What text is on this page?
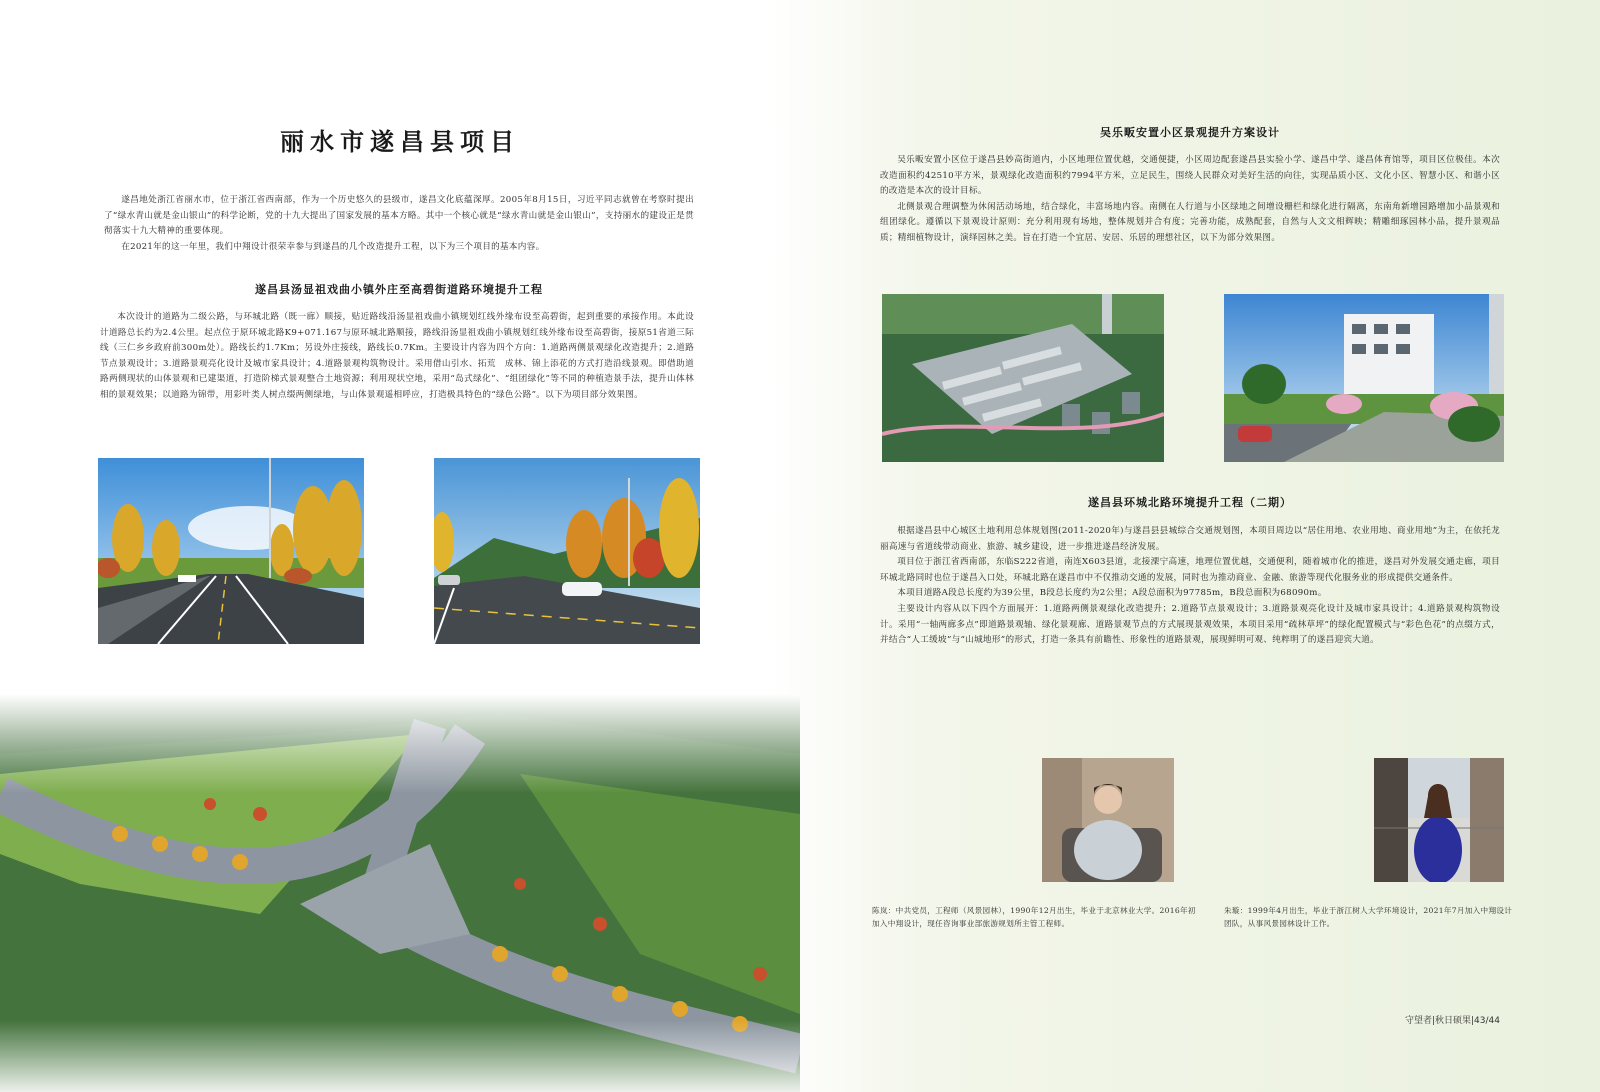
丽水市遂昌县项目

遂昌地处浙江省丽水市，位于浙江省西南部，作为一个历史悠久的县级市，遂昌文化底蕴深厚。2005年8月15日，习近平同志就曾在考察时提出了“绿水青山就是金山银山”的科学论断，党的十九大提出了国家发展的基本方略。其中一个核心就是“绿水青山就是金山银山”，支持丽水的建设正是贯彻落实十九大精神的重要体现。

在2021年的这一年里，我们中翔设计很荣幸参与到遂昌的几个改造提升工程，以下为三个项目的基本内容。

遂昌县汤显祖戏曲小镇外庄至高碧街道路环境提升工程

本次设计的道路为二级公路，与环城北路（既一廊）顺接，贴近路线沿汤显祖戏曲小镇规划红线外缘布设至高碧街，起到重要的承接作用。本此设计道路总长约为2.4公里。起点位于原环城北路K9+071.167与原环城北路顺接，路线沿汤显祖戏曲小镇规划红线外缘布设至高碧街，接原51省道三际线（三仁乡乡政府前300m处）。路线长约1.7Km；另设外庄接线，路线长0.7Km。主要设计内容为四个方向：1.道路两侧景观绿化改造提升；2.道路节点景观设计；3.道路景观亮化设计及城市家具设计；4.道路景观构筑物设计。采用借山引水、拓荒　成林、锦上添花的方式打造沿线景观。即借助道路两侧现状的山体景观和已建渠道，打造阶梯式景观整合土地资源；利用现状空地，采用“岛式绿化”、“组团绿化”等不同的种植造景手法，提升山体林相的景观效果；以道路为锦带，用彩叶类人树点缀两侧绿地，与山体景观遥相呼应，打造极具特色的“绿色公路”。以下为项目部分效果图。

吴乐畈安置小区景观提升方案设计

吴乐畈安置小区位于遂昌县妙高街道内，小区地理位置优越，交通便捷，小区周边配套遂昌县实验小学、遂昌中学、遂昌体育馆等，项目区位极佳。本次改造面积约42510平方米，景观绿化改造面积约7994平方米，立足民生，围绕人民群众对美好生活的向往，实现品质小区、文化小区、智慧小区、和谐小区的改造是本次的设计目标。

北侧景观合理调整为休闲活动场地，结合绿化，丰富场地内容。南侧在人行道与小区绿地之间增设栅栏和绿化进行隔离，东南角新增园路增加小品景观和组团绿化。遵循以下景观设计原则：充分利用现有场地，整体规划并合有度；完善功能，成熟配套，自然与人文文相辉映；精雕细琢园林小品，提升景观品质；精细植物设计，演绎园林之美。旨在打造一个宜居、安居、乐居的理想社区，以下为部分效果图。

遂昌县环城北路环境提升工程（二期）

根据遂昌县中心城区土地利用总体规划图(2011-2020年)与遂昌县县城综合交通规划图，本项目周边以“居住用地、农业用地、商业用地”为主，在依托龙丽高速与省道线带动商业、旅游、城乡建设，进一步推进遂昌经济发展。

项目位于浙江省西南部，东临S222省道，南连X603县道，北接溧宁高速，地理位置优越，交通便利，随着城市化的推进，遂昌对外发展交通走廊，项目环城北路同时也位于遂昌入口处，环城北路在遂昌市中不仅推动交通的发展，同时也为推动商业、金融、旅游等现代化服务业的形成提供交通条件。

本项目道路A段总长度约为39公里，B段总长度约为2公里；A段总面积为97785m，B段总面积为68090m。

主要设计内容从以下四个方面展开：1.道路两侧景观绿化改造提升；2.道路节点景观设计；3.道路景观亮化设计及城市家具设计；4.道路景观构筑物设计。采用“一轴两廊多点”即道路景观轴、绿化景观廊、道路景观节点的方式展现景观效果，本项目采用“疏林草坪”的绿化配置模式与“彩色色花”的点缀方式，并结合“人工缓坡”与“山城地形”的形式，打造一条具有前瞻性、形象性的道路景观，展现鲜明可观、纯粹明了的遂昌迎宾大道。

陈岚：中共党员，工程师（风景园林），1990年12月出生，毕业于北京林业大学。2016年初加入中翔设计，现任咨询事业部旅游规划所主管工程师。
朱璇：1999年4月出生，毕业于浙江树人大学环境设计，2021年7月加入中翔设计团队，从事风景园林设计工作。
守望者|秋日硕果|43/44
